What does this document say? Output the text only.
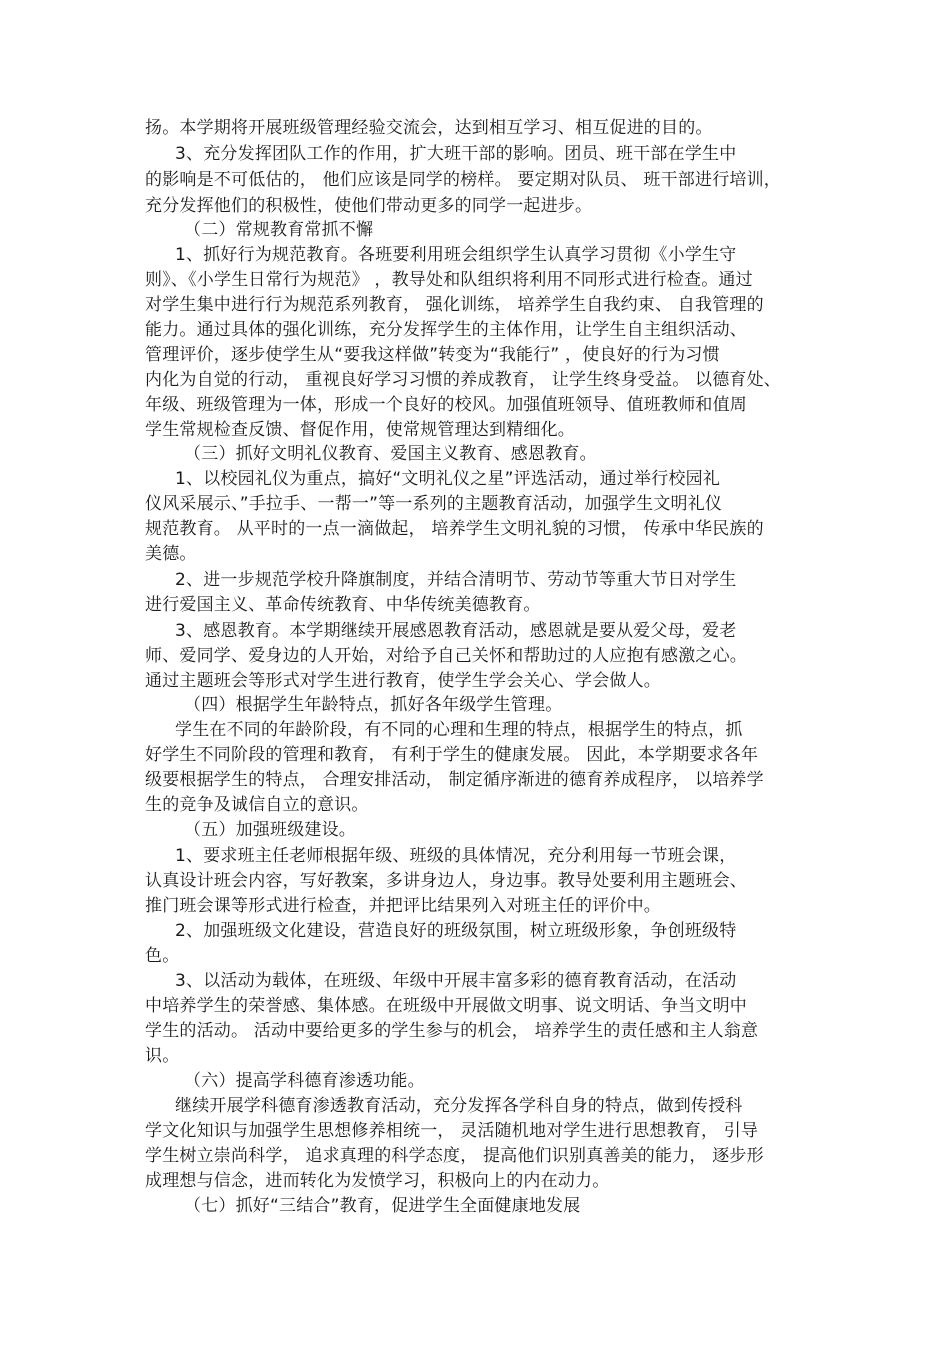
扬。本学期将开展班级管理经验交流会，达到相互学习、相互促进的目的。
3、充分发挥团队工作的作用，扩大班干部的影响。团员、班干部在学生中
的影响是不可低估的， 他们应该是同学的榜样。 要定期对队员、 班干部进行培训，
充分发挥他们的积极性，使他们带动更多的同学一起进步。
（二）常规教育常抓不懈
1、抓好行为规范教育。各班要利用班会组织学生认真学习贯彻《小学生守
则》、《小学生日常行为规范》 ，教导处和队组织将利用不同形式进行检查。通过
对学生集中进行行为规范系列教育， 强化训练， 培养学生自我约束、 自我管理的
能力。通过具体的强化训练，充分发挥学生的主体作用，让学生自主组织活动、
管理评价，逐步使学生从“要我这样做”转变为“我能行” ，使良好的行为习惯
内化为自觉的行动， 重视良好学习习惯的养成教育， 让学生终身受益。 以德育处、
年级、班级管理为一体，形成一个良好的校风。加强值班领导、值班教师和值周
学生常规检查反馈、督促作用，使常规管理达到精细化。
（三）抓好文明礼仪教育、爱国主义教育、感恩教育。
1、以校园礼仪为重点，搞好“文明礼仪之星”评选活动，通过举行校园礼
仪风采展示、”手拉手、一帮一”等一系列的主题教育活动，加强学生文明礼仪
规范教育。 从平时的一点一滴做起， 培养学生文明礼貌的习惯， 传承中华民族的
美德。
2、进一步规范学校升降旗制度，并结合清明节、劳动节等重大节日对学生
进行爱国主义、革命传统教育、中华传统美德教育。
3、感恩教育。本学期继续开展感恩教育活动，感恩就是要从爱父母，爱老
师、爱同学、爱身边的人开始，对给予自己关怀和帮助过的人应抱有感激之心。
通过主题班会等形式对学生进行教育，使学生学会关心、学会做人。
（四）根据学生年龄特点，抓好各年级学生管理。
学生在不同的年龄阶段，有不同的心理和生理的特点，根据学生的特点，抓
好学生不同阶段的管理和教育， 有利于学生的健康发展。 因此，本学期要求各年
级要根据学生的特点， 合理安排活动， 制定循序渐进的德育养成程序， 以培养学
生的竞争及诚信自立的意识。
（五）加强班级建设。
1、要求班主任老师根据年级、班级的具体情况，充分利用每一节班会课，
认真设计班会内容，写好教案，多讲身边人，身边事。教导处要利用主题班会、
推门班会课等形式进行检查，并把评比结果列入对班主任的评价中。
2、加强班级文化建设，营造良好的班级氛围，树立班级形象，争创班级特
色。
3、以活动为载体，在班级、年级中开展丰富多彩的德育教育活动，在活动
中培养学生的荣誉感、集体感。在班级中开展做文明事、说文明话、争当文明中
学生的活动。 活动中要给更多的学生参与的机会， 培养学生的责任感和主人翁意
识。
（六）提高学科德育渗透功能。
继续开展学科德育渗透教育活动，充分发挥各学科自身的特点，做到传授科
学文化知识与加强学生思想修养相统一， 灵活随机地对学生进行思想教育， 引导
学生树立崇尚科学， 追求真理的科学态度， 提高他们识别真善美的能力， 逐步形
成理想与信念，进而转化为发愤学习，积极向上的内在动力。
（七）抓好“三结合”教育，促进学生全面健康地发展
